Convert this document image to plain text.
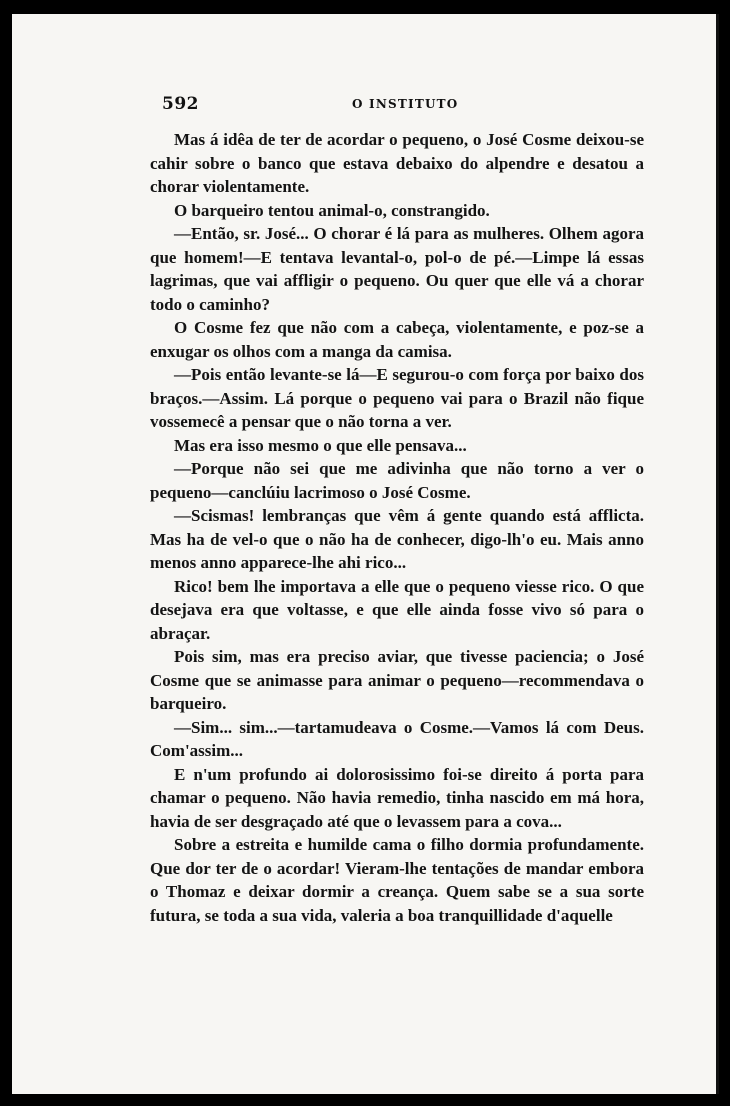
592	O INSTITUTO

Mas á idêa de ter de acordar o pequeno, o José Cosme deixou-se cahir sobre o banco que estava debaixo do alpendre e desatou a chorar violentamente.

O barqueiro tentou animal-o, constrangido.

—Então, sr. José... O chorar é lá para as mulheres. Olhem agora que homem!—E tentava levantal-o, pol-o de pé.—Limpe lá essas lagrimas, que vai affligir o pequeno. Ou quer que elle vá a chorar todo o caminho?

O Cosme fez que não com a cabeça, violentamente, e poz-se a enxugar os olhos com a manga da camisa.

—Pois então levante-se lá—E segurou-o com força por baixo dos braços.—Assim. Lá porque o pequeno vai para o Brazil não fique vossemecê a pensar que o não torna a ver.

Mas era isso mesmo o que elle pensava...

—Porque não sei que me adivinha que não torno a ver o pequeno—canclúiu lacrimoso o José Cosme.

—Scismas! lembranças que vêm á gente quando está afflicta. Mas ha de vel-o que o não ha de conhecer, digo-lh'o eu. Mais anno menos anno apparece-lhe ahi rico...

Rico! bem lhe importava a elle que o pequeno viesse rico. O que desejava era que voltasse, e que elle ainda fosse vivo só para o abraçar.

Pois sim, mas era preciso aviar, que tivesse paciencia; o José Cosme que se animasse para animar o pequeno—recommendava o barqueiro.

—Sim... sim...—tartamudeava o Cosme.—Vamos lá com Deus. Com'assim...

E n'um profundo ai dolorosissimo foi-se direito á porta para chamar o pequeno. Não havia remedio, tinha nascido em má hora, havia de ser desgraçado até que o levassem para a cova...

Sobre a estreita e humilde cama o filho dormia profundamente. Que dor ter de o acordar! Vieram-lhe tentações de mandar embora o Thomaz e deixar dormir a creança. Quem sabe se a sua sorte futura, se toda a sua vida, valeria a boa tranquillidade d'aquelle
